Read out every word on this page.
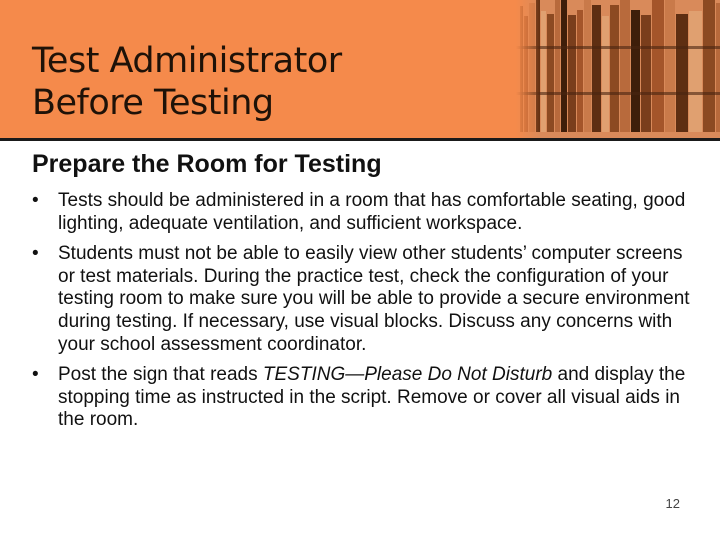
Test Administrator
Before Testing
Prepare the Room for Testing
• Tests should be administered in a room that has comfortable seating, good lighting, adequate ventilation, and sufficient workspace.
• Students must not be able to easily view other students’ computer screens or test materials. During the practice test, check the configuration of your testing room to make sure you will be able to provide a secure environment during testing. If necessary, use visual blocks. Discuss any concerns with your school assessment coordinator.
• Post the sign that reads TESTING—Please Do Not Disturb and display the stopping time as instructed in the script. Remove or cover all visual aids in the room.
12
